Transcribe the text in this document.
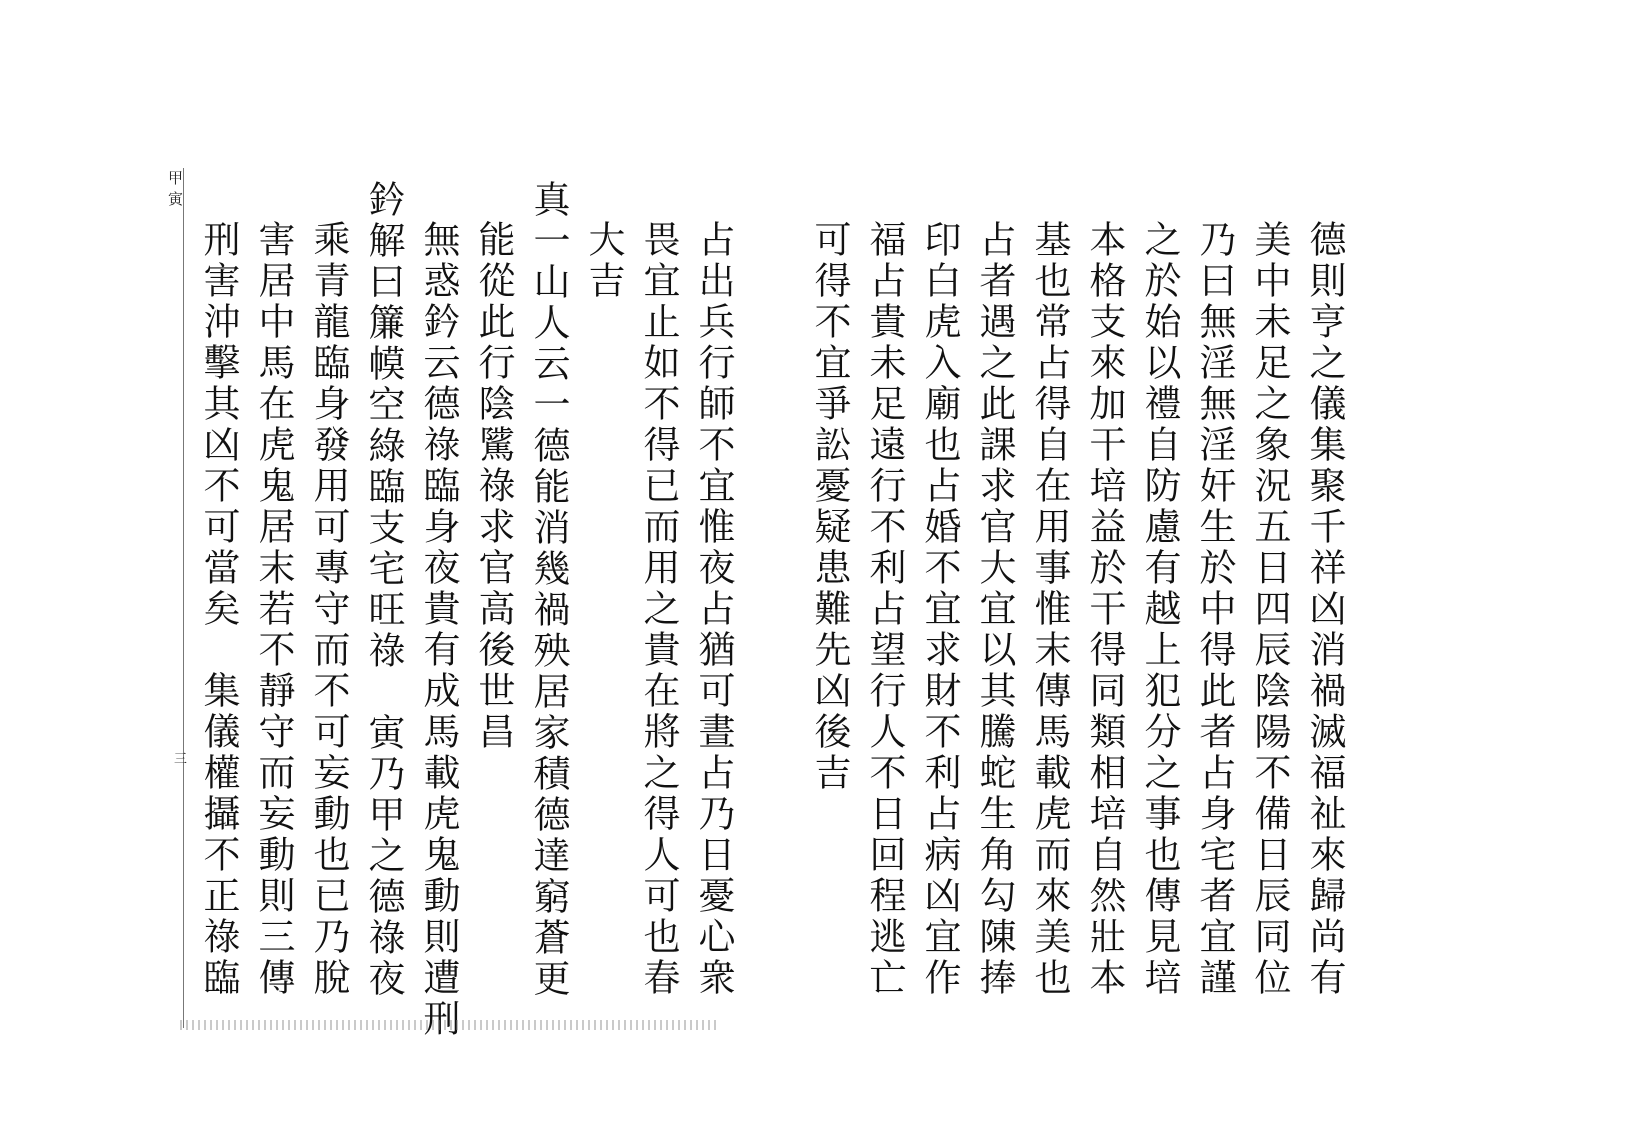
德則亨之儀集聚千祥凶消禍滅福祉來歸尚有
美中未足之象況五日四辰陰陽不備日辰同位
乃曰無淫無淫奸生於中得此者占身宅者宜謹
之於始以禮自防慮有越上犯分之事也傳見培
本格支來加干培益於干得同類相培自然壯本
基也常占得自在用事惟末傳馬載虎而來美也
占者遇之此課求官大宜以其騰蛇生角勾陳捧
印白虎入廟也占婚不宜求財不利占病凶宜作
福占貴未足遠行不利占望行人不日回程逃亡
可得不宜爭訟憂疑患難先凶後吉
占出兵行師不宜惟夜占猶可晝占乃日憂心衆
畏宜止如不得已而用之貴在將之得人可也春
大吉
真一山人云一德能消幾禍殃居家積德達窮蒼更
能從此行陰騭祿求官高後世昌
無惑鈐云德祿臨身夜貴有成馬載虎鬼動則遭刑
鈐解曰簾幙空綠臨支宅旺祿　寅乃甲之德祿夜
乘青龍臨身發用可專守而不可妄動也已乃脫
害居中馬在虎鬼居末若不靜守而妄動則三傳
刑害沖擊其凶不可當矣　集儀權攝不正祿臨
甲寅
三
